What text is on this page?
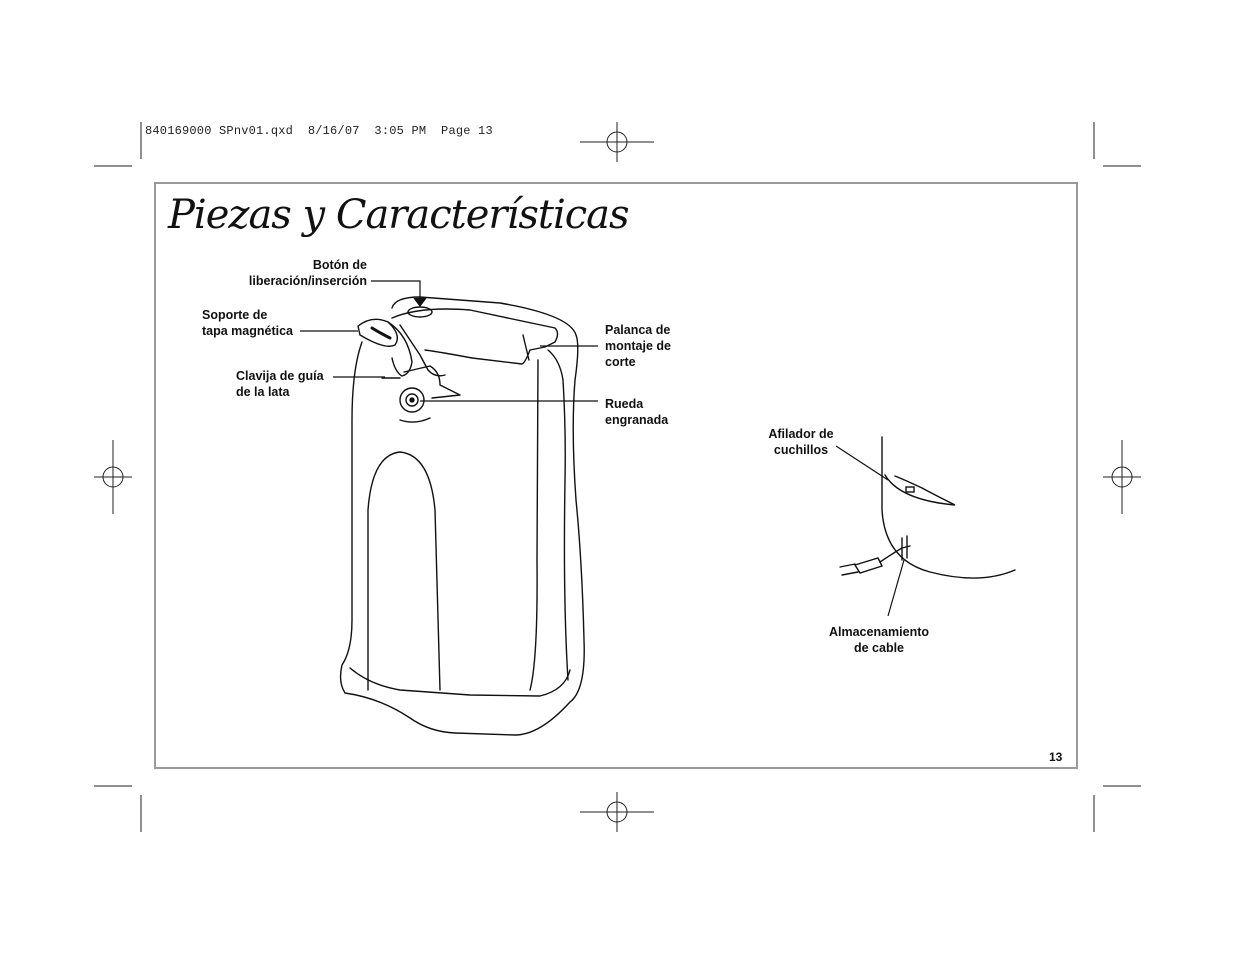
840169000 SPnv01.qxd  8/16/07  3:05 PM  Page 13
Piezas y Características
Botón de
liberación/inserción
Soporte de
tapa magnética
Clavija de guía
de la lata
Palanca de
montaje de
corte
Rueda
engranada
Afilador de
cuchillos
Almacenamiento
de cable
13
